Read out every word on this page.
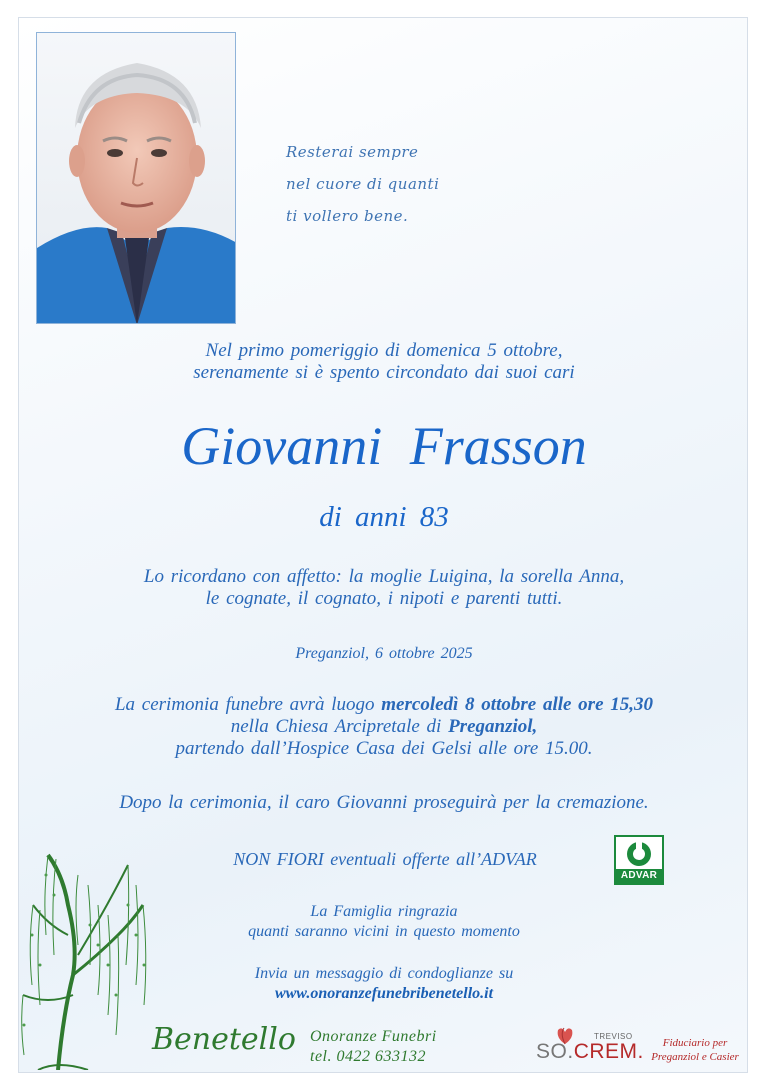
Resterai sempre
nel cuore di quanti
ti vollero bene.
Nel primo pomeriggio di domenica 5 ottobre,
serenamente si è spento circondato dai suoi cari
Giovanni Frasson
di anni 83
Lo ricordano con affetto: la moglie Luigina, la sorella Anna,
le cognate, il cognato, i nipoti e parenti tutti.
Preganziol, 6 ottobre 2025
La cerimonia funebre avrà luogo mercoledì 8 ottobre alle ore 15,30
nella Chiesa Arcipretale di Preganziol,
partendo dall’Hospice Casa dei Gelsi alle ore 15.00.
Dopo la cerimonia, il caro Giovanni proseguirà per la cremazione.
NON FIORI eventuali offerte all’ADVAR
ADVAR
La Famiglia ringrazia
quanti saranno vicini in questo momento
Invia un messaggio di condoglianze su
www.onoranzefunebribenetello.it
Benetello Onoranze Funebri
tel. 0422 633132
TREVISO
SO.CREM.	Fiduciario per
Preganziol e Casier
